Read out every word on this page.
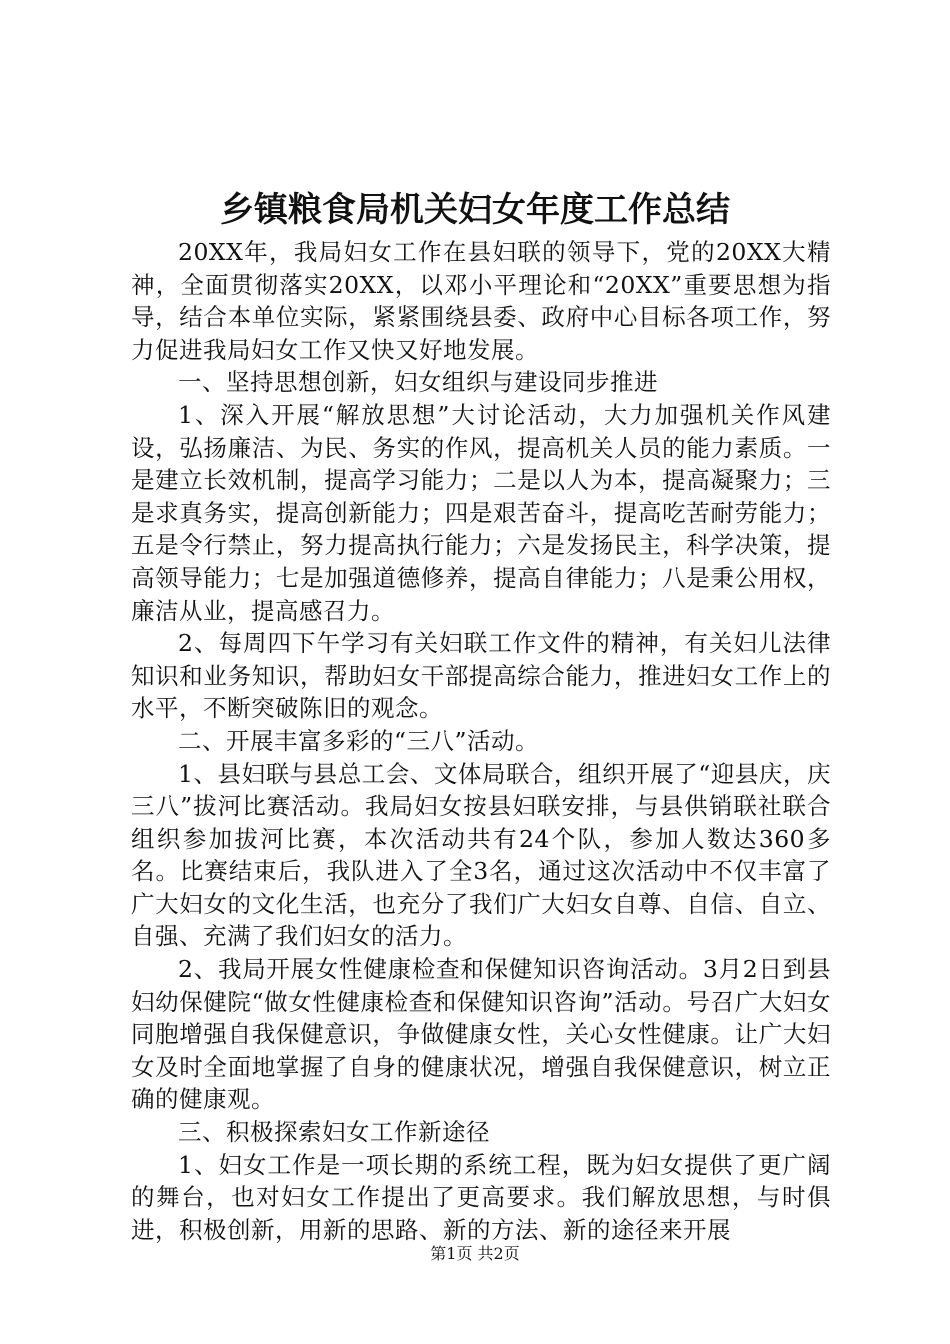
乡镇粮食局机关妇女年度工作总结

20XX年，我局妇女工作在县妇联的领导下，党的20XX大精神，全面贯彻落实20XX，以邓小平理论和“20XX”重要思想为指导，结合本单位实际，紧紧围绕县委、政府中心目标各项工作，努力促进我局妇女工作又快又好地发展。

一、坚持思想创新，妇女组织与建设同步推进

1、深入开展“解放思想”大讨论活动，大力加强机关作风建设，弘扬廉洁、为民、务实的作风，提高机关人员的能力素质。一是建立长效机制，提高学习能力；二是以人为本，提高凝聚力；三是求真务实，提高创新能力；四是艰苦奋斗，提高吃苦耐劳能力；五是令行禁止，努力提高执行能力；六是发扬民主，科学决策，提高领导能力；七是加强道德修养，提高自律能力；八是秉公用权，廉洁从业，提高感召力。

2、每周四下午学习有关妇联工作文件的精神，有关妇儿法律知识和业务知识，帮助妇女干部提高综合能力，推进妇女工作上的水平，不断突破陈旧的观念。

二、开展丰富多彩的“三八”活动。

1、县妇联与县总工会、文体局联合，组织开展了“迎县庆，庆三八”拔河比赛活动。我局妇女按县妇联安排，与县供销联社联合组织参加拔河比赛，本次活动共有24个队，参加人数达360多名。比赛结束后，我队进入了全3名，通过这次活动中不仅丰富了广大妇女的文化生活，也充分了我们广大妇女自尊、自信、自立、自强、充满了我们妇女的活力。

2、我局开展女性健康检查和保健知识咨询活动。3月2日到县妇幼保健院“做女性健康检查和保健知识咨询”活动。号召广大妇女同胞增强自我保健意识，争做健康女性，关心女性健康。让广大妇女及时全面地掌握了自身的健康状况，增强自我保健意识，树立正确的健康观。

三、积极探索妇女工作新途径

1、妇女工作是一项长期的系统工程，既为妇女提供了更广阔的舞台，也对妇女工作提出了更高要求。我们解放思想，与时俱进，积极创新，用新的思路、新的方法、新的途径来开展

第1页 共2页
